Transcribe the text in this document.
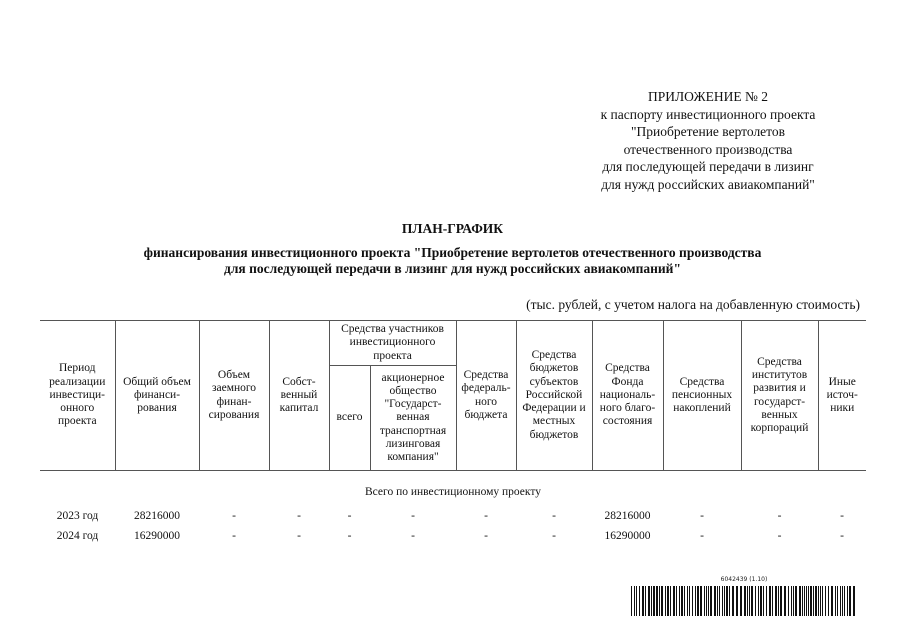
ПРИЛОЖЕНИЕ № 2
к паспорту инвестиционного проекта
"Приобретение вертолетов
отечественного производства
для последующей передачи в лизинг
для нужд российских авиакомпаний"
ПЛАН-ГРАФИК
финансирования инвестиционного проекта "Приобретение вертолетов отечественного производства
для последующей передачи в лизинг для нужд российских авиакомпаний"
(тыс. рублей, с учетом налога на добавленную стоимость)
Период реализации инвестици-онного проекта	Общий объем финанси-рования	Объем заемного финан-сирования	Собст-венный капитал	Средства участников инвестиционного проекта		Средства федераль-ного бюджета	Средства бюджетов субъектов Российской Федерации и местных бюджетов	Средства Фонда националь-ного благо-состояния	Средства пенсионных накоплений	Средства институтов развития и государст-венных корпораций	Иные источ-ники
				всего	акционерное общество "Государст-венная транспортная лизинговая компания"						
Всего по инвестиционному проекту											
2023 год	28216000	-	-	-	-	-	-	28216000	-	-	-
2024 год	16290000	-	-	-	-	-	-	16290000	-	-	-
6042439 (1.10)
